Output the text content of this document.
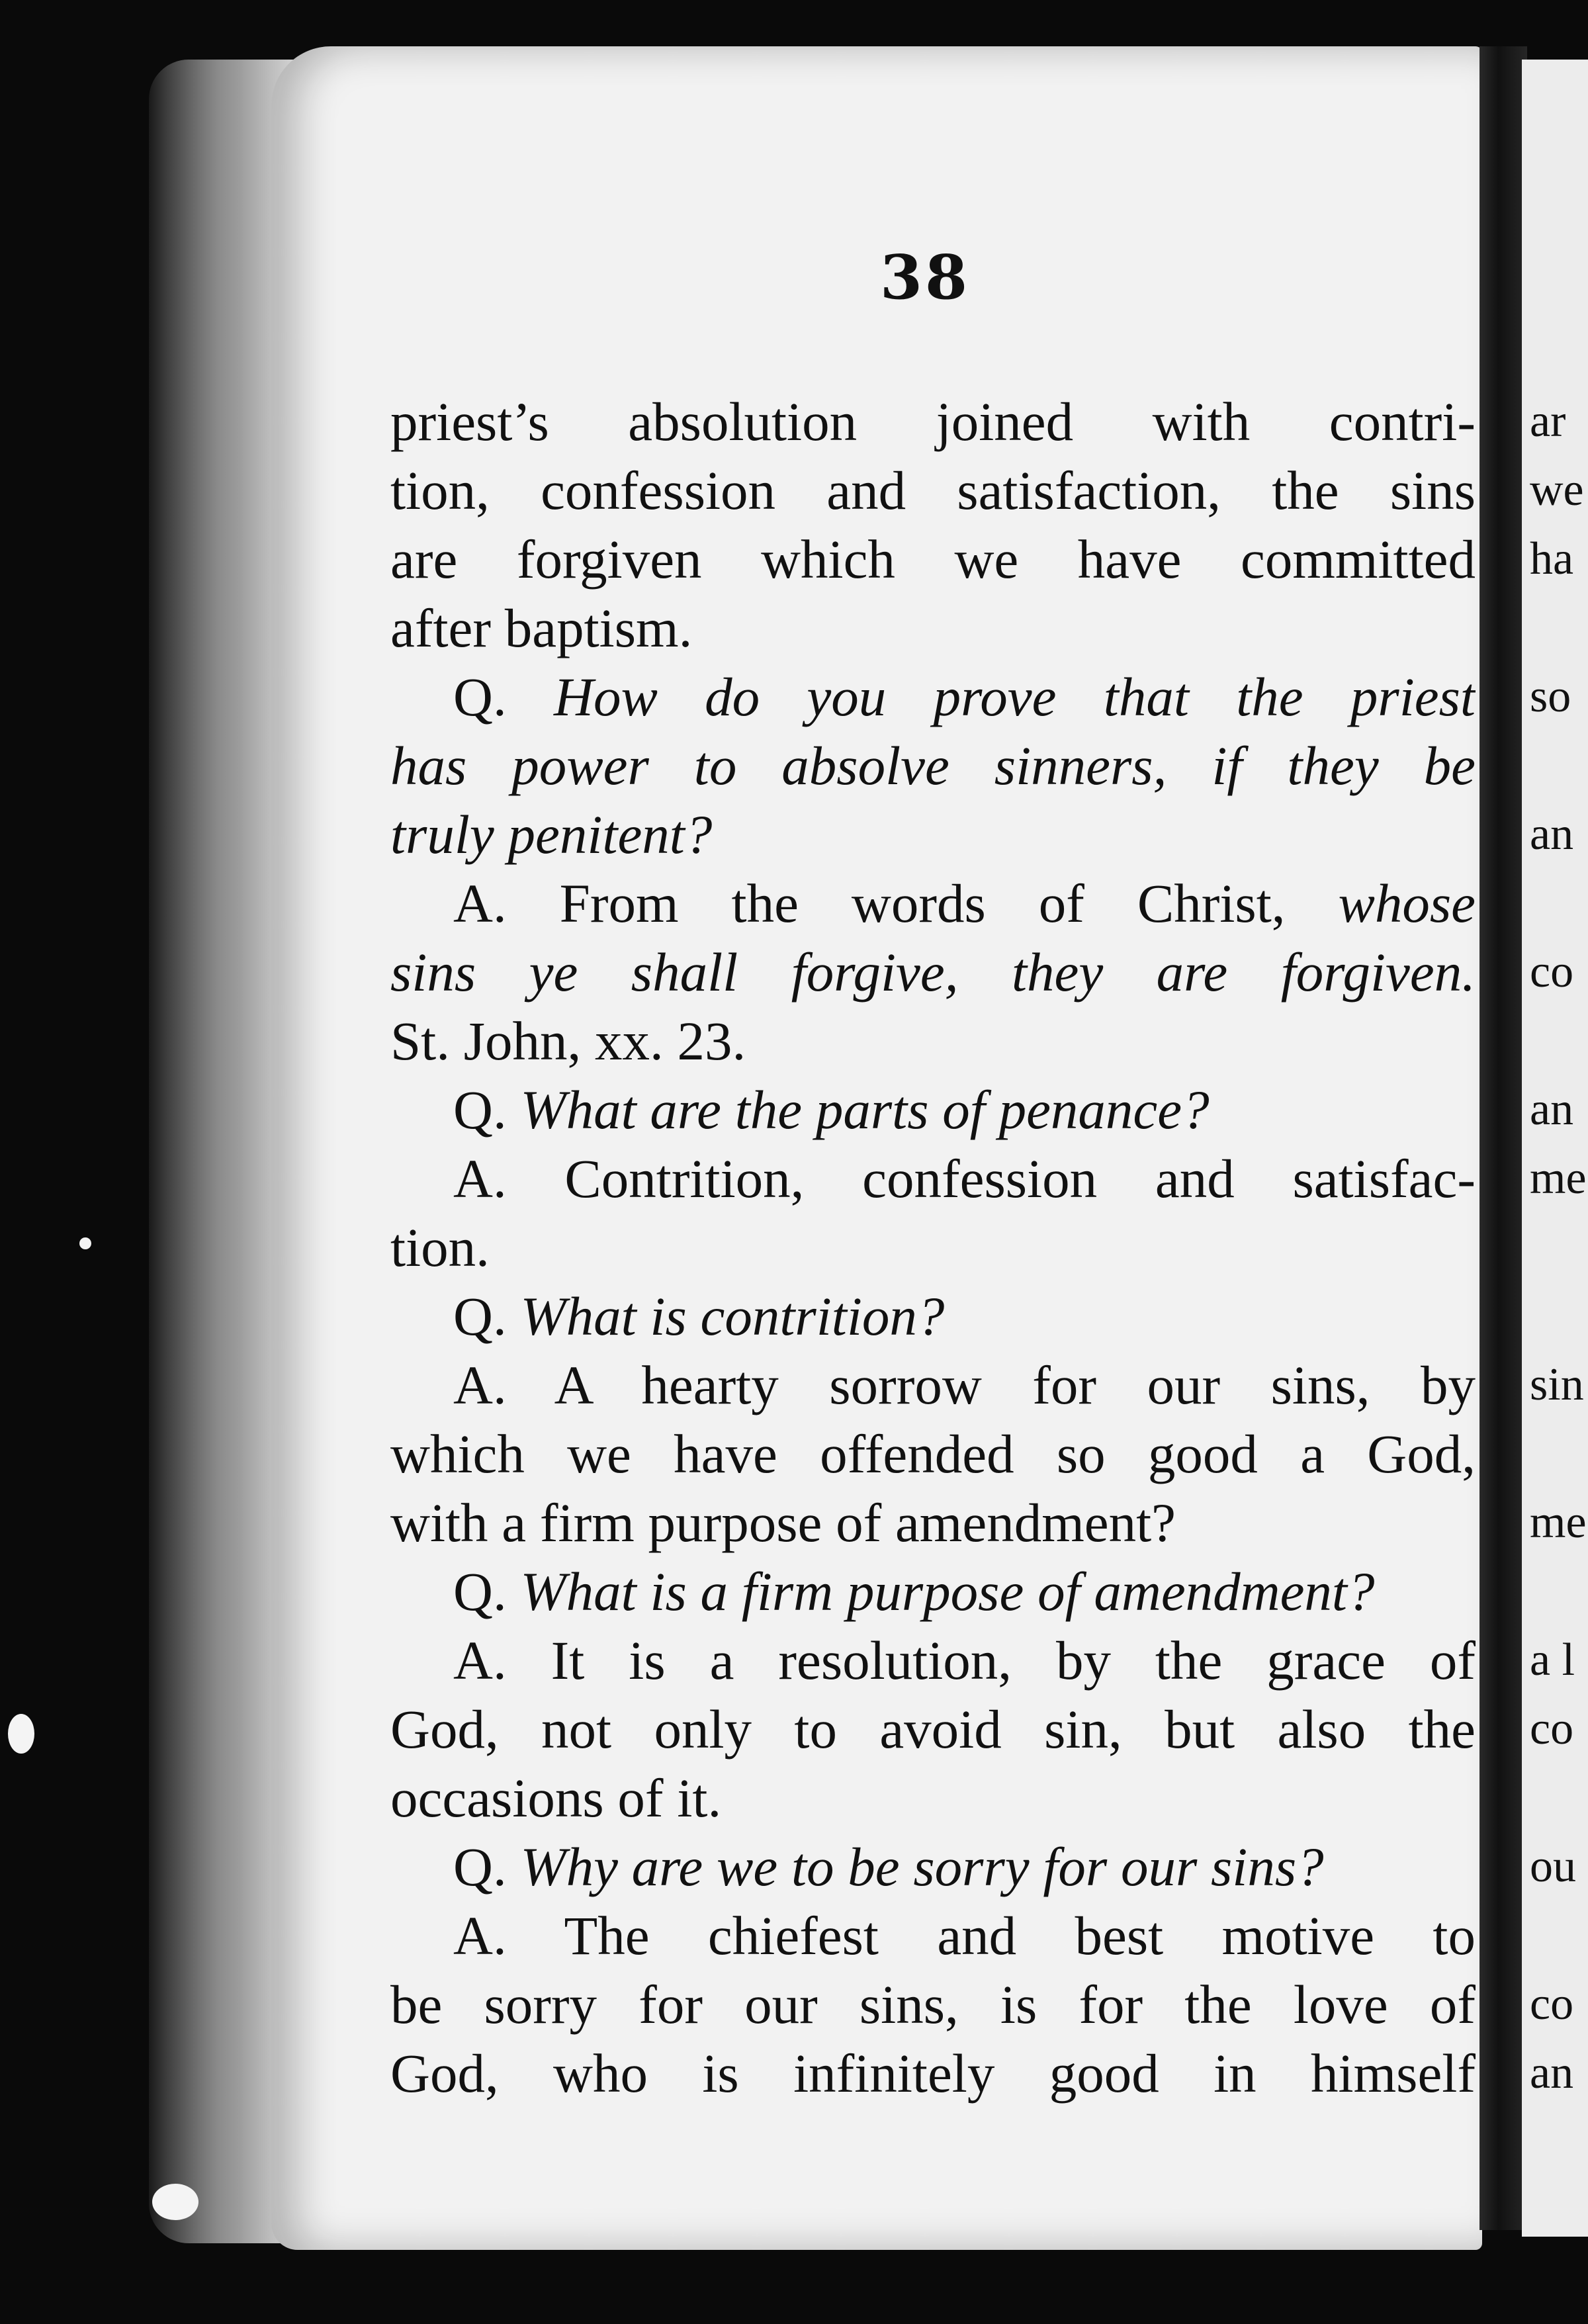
38
priest’s absolution joined with contri-
tion, confession and satisfaction, the sins
are forgiven which we have committed
after baptism.
Q. How do you prove that the priest
has power to absolve sinners, if they be
truly penitent?
A. From the words of Christ, whose
sins ye shall forgive, they are forgiven.
St. John, xx. 23.
Q. What are the parts of penance?
A. Contrition, confession and satisfac-
tion.
Q. What is contrition?
A. A hearty sorrow for our sins, by
which we have offended so good a God,
with a firm purpose of amendment?
Q. What is a firm purpose of amendment?
A. It is a resolution, by the grace of
God, not only to avoid sin, but also the
occasions of it.
Q. Why are we to be sorry for our sins?
A. The chiefest and best motive to
be sorry for our sins, is for the love of
God, who is infinitely good in himself
ar
we
ha
so
an
co
an
me
sin
me
a l
co
ou
co
an
